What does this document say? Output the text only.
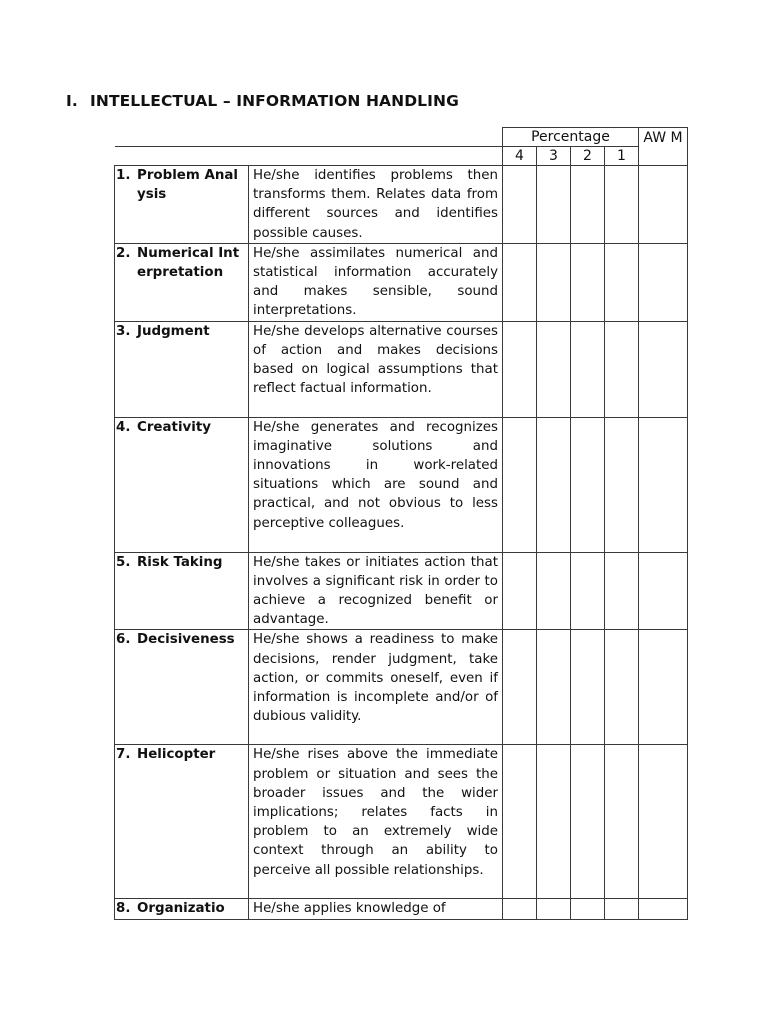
I. INTELLECTUAL – INFORMATION HANDLING
		Percentage				AW M
		4	3	2	1	

1. Problem Analysis	He/she identifies problems then transforms them. Relates data from different sources and identifies possible causes.					

2. Numerical Interpretation	He/she assimilates numerical and statistical information accurately and makes sensible, sound interpretations.					

3. Judgment	He/she develops alternative courses of action and makes decisions based on logical assumptions that reflect factual information.					

4. Creativity	He/she generates and recognizes imaginative solutions and innovations in work-related situations which are sound and practical, and not obvious to less perceptive colleagues.					

5. Risk Taking	He/she takes or initiates action that involves a significant risk in order to achieve a recognized benefit or advantage.					

6. Decisiveness	He/she shows a readiness to make decisions, render judgment, take action, or commits oneself, even if information is incomplete and/or of dubious validity.					

7. Helicopter	He/she rises above the immediate problem or situation and sees the broader issues and the wider implications; relates facts in problem to an extremely wide context through an ability to perceive all possible relationships.					

8. Organizatio	He/she applies knowledge of					
